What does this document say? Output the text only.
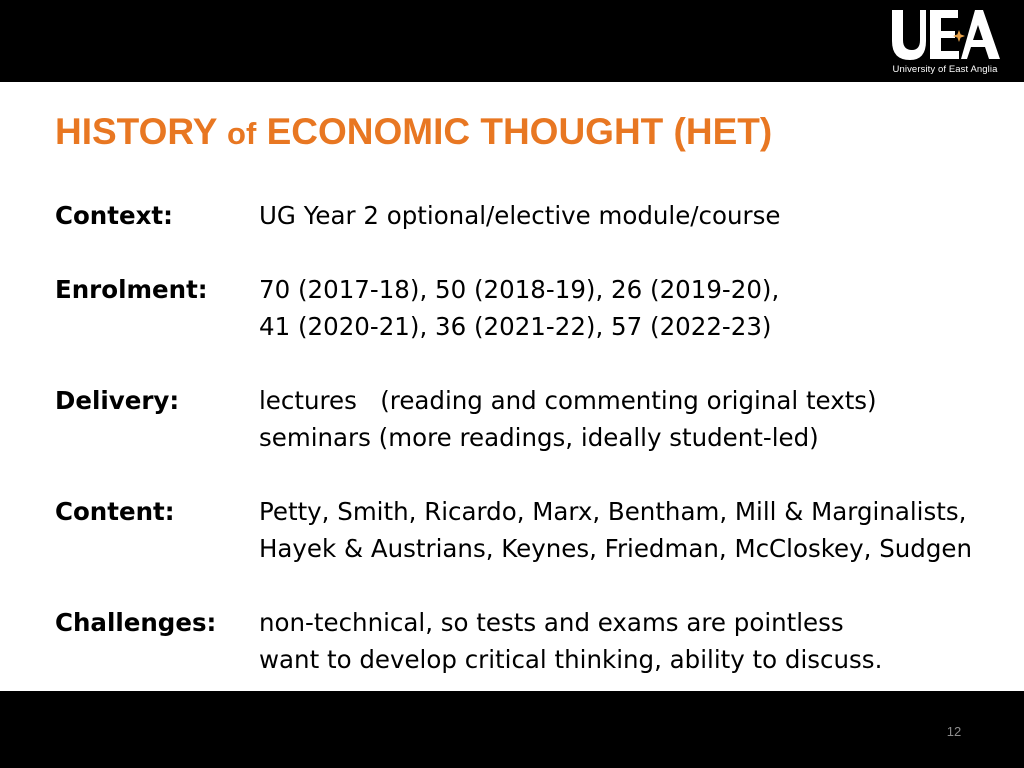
University of East Anglia
HISTORY of ECONOMIC THOUGHT (HET)
Context:	UG Year 2 optional/elective module/course
Enrolment:	70 (2017-18), 50 (2018-19), 26 (2019-20),
41 (2020-21), 36 (2021-22), 57 (2022-23)
Delivery:	lectures   (reading and commenting original texts)
seminars (more readings, ideally student-led)
Content:	Petty, Smith, Ricardo, Marx, Bentham, Mill & Marginalists,
Hayek & Austrians, Keynes, Friedman, McCloskey, Sudgen
Challenges:	non-technical, so tests and exams are pointless
want to develop critical thinking, ability to discuss.
12
